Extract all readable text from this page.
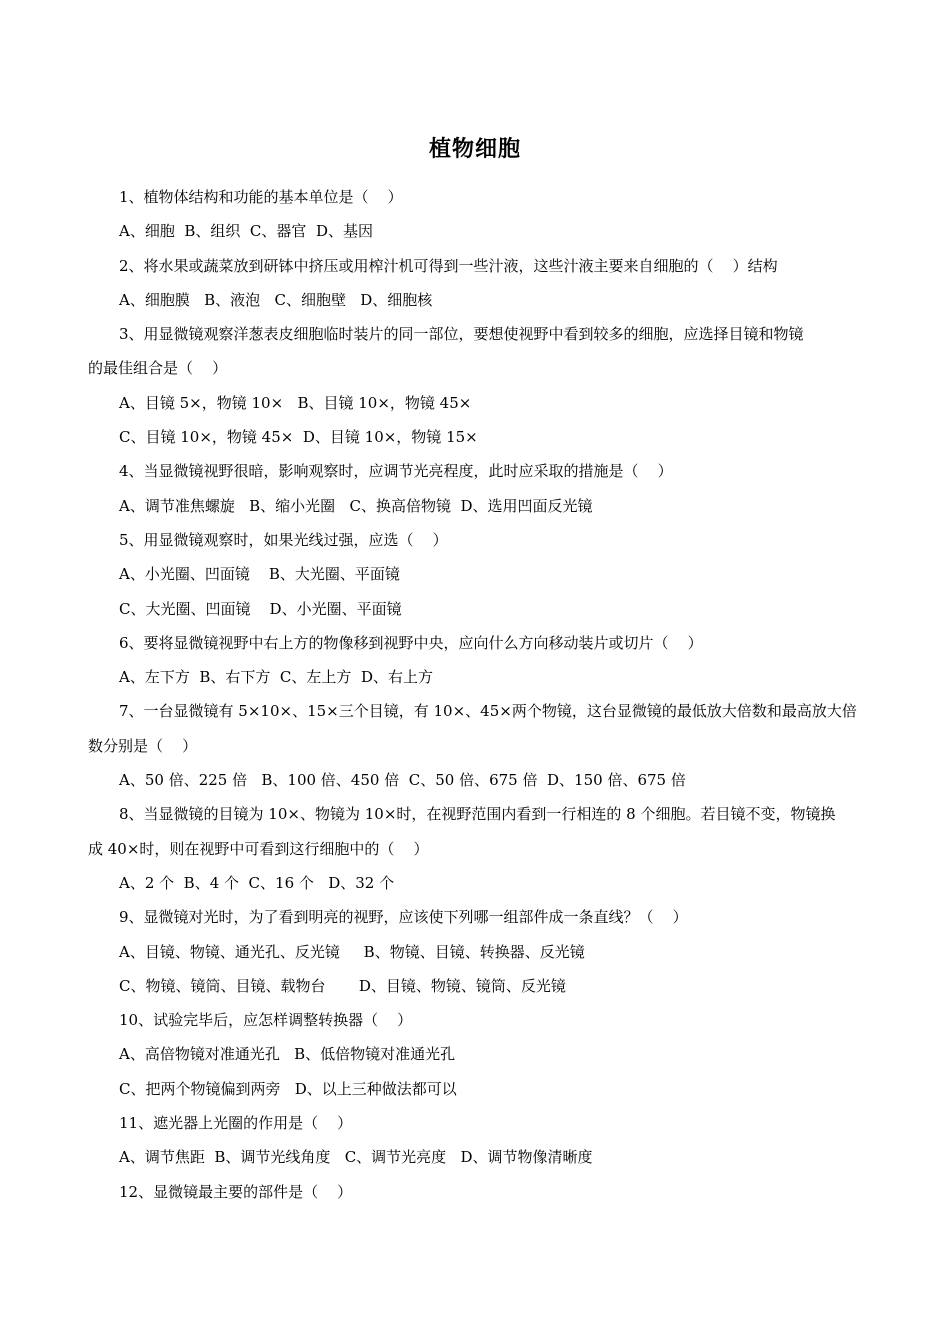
植物细胞

1、植物体结构和功能的基本单位是（    ）

A、细胞  B、组织  C、器官  D、基因

2、将水果或蔬菜放到研钵中挤压或用榨汁机可得到一些汁液，这些汁液主要来自细胞的（    ）结构

A、细胞膜   B、液泡   C、细胞壁   D、细胞核

3、用显微镜观察洋葱表皮细胞临时装片的同一部位，要想使视野中看到较多的细胞，应选择目镜和物镜

的最佳组合是（    ）

A、目镜 5×，物镜 10×   B、目镜 10×，物镜 45×

C、目镜 10×，物镜 45×  D、目镜 10×，物镜 15×

4、当显微镜视野很暗，影响观察时，应调节光亮程度，此时应采取的措施是（    ）

A、调节准焦螺旋   B、缩小光圈   C、换高倍物镜  D、选用凹面反光镜

5、用显微镜观察时，如果光线过强，应选（    ）

A、小光圈、凹面镜    B、大光圈、平面镜

C、大光圈、凹面镜    D、小光圈、平面镜

6、要将显微镜视野中右上方的物像移到视野中央，应向什么方向移动装片或切片（    ）

A、左下方  B、右下方  C、左上方  D、右上方

7、一台显微镜有 5×10×、15×三个目镜，有 10×、45×两个物镜，这台显微镜的最低放大倍数和最高放大倍

数分别是（    ）

A、50 倍、225 倍   B、100 倍、450 倍  C、50 倍、675 倍  D、150 倍、675 倍

8、当显微镜的目镜为 10×、物镜为 10×时，在视野范围内看到一行相连的 8 个细胞。若目镜不变，物镜换

成 40×时，则在视野中可看到这行细胞中的（    ）

A、2 个  B、4 个  C、16 个   D、32 个

9、显微镜对光时，为了看到明亮的视野，应该使下列哪一组部件成一条直线？（    ）

A、目镜、物镜、通光孔、反光镜     B、物镜、目镜、转换器、反光镜

C、物镜、镜筒、目镜、载物台       D、目镜、物镜、镜筒、反光镜

10、试验完毕后，应怎样调整转换器（    ）

A、高倍物镜对准通光孔   B、低倍物镜对准通光孔

C、把两个物镜偏到两旁   D、以上三种做法都可以

11、遮光器上光圈的作用是（    ）

A、调节焦距  B、调节光线角度   C、调节光亮度   D、调节物像清晰度

12、显微镜最主要的部件是（    ）
